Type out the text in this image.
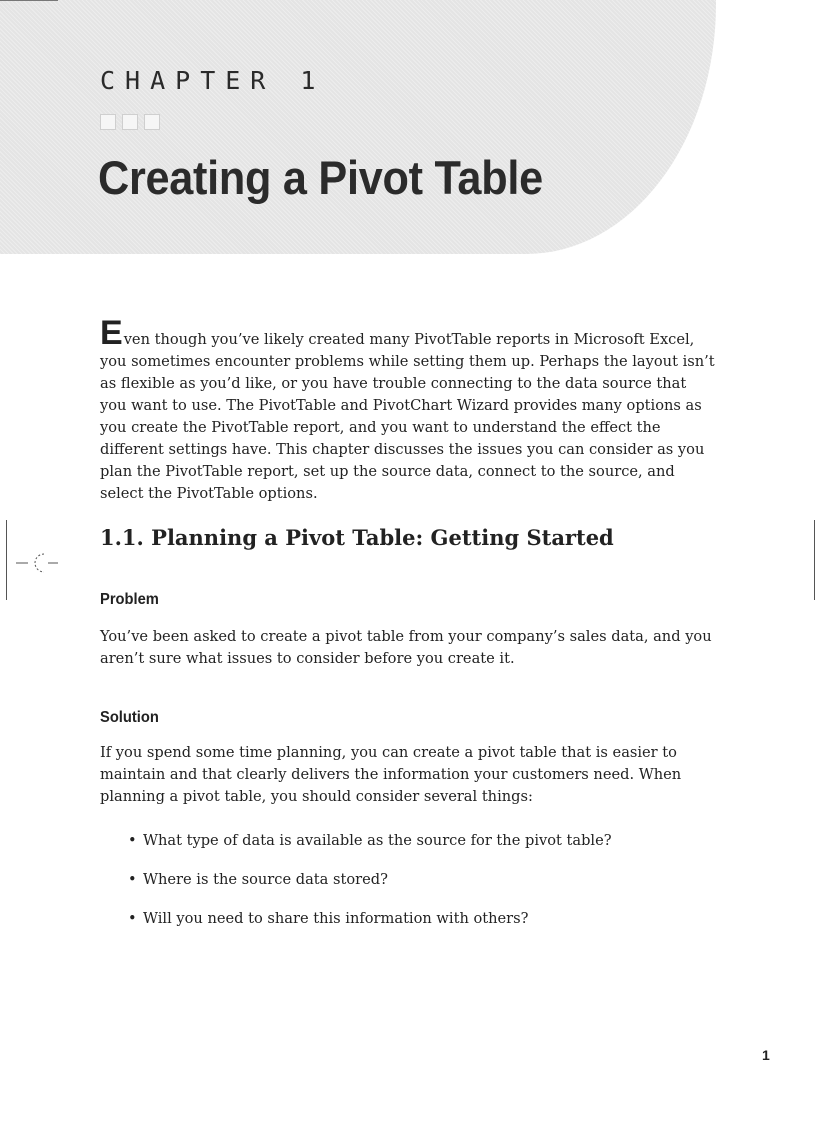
CHAPTER 1
Creating a Pivot Table

Even though you’ve likely created many PivotTable reports in Microsoft Excel, you sometimes encounter problems while setting them up. Perhaps the layout isn’t as flexible as you’d like, or you have trouble connecting to the data source that you want to use. The PivotTable and PivotChart Wizard provides many options as you create the PivotTable report, and you want to understand the effect the different settings have. This chapter discusses the issues you can consider as you plan the PivotTable report, set up the source data, connect to the source, and select the PivotTable options.

1.1. Planning a Pivot Table: Getting Started
Problem

You’ve been asked to create a pivot table from your company’s sales data, and you aren’t sure what issues to consider before you create it.

Solution

If you spend some time planning, you can create a pivot table that is easier to maintain and that clearly delivers the information your customers need. When planning a pivot table, you should consider several things:

• What type of data is available as the source for the pivot table?
• Where is the source data stored?
• Will you need to share this information with others?

1
